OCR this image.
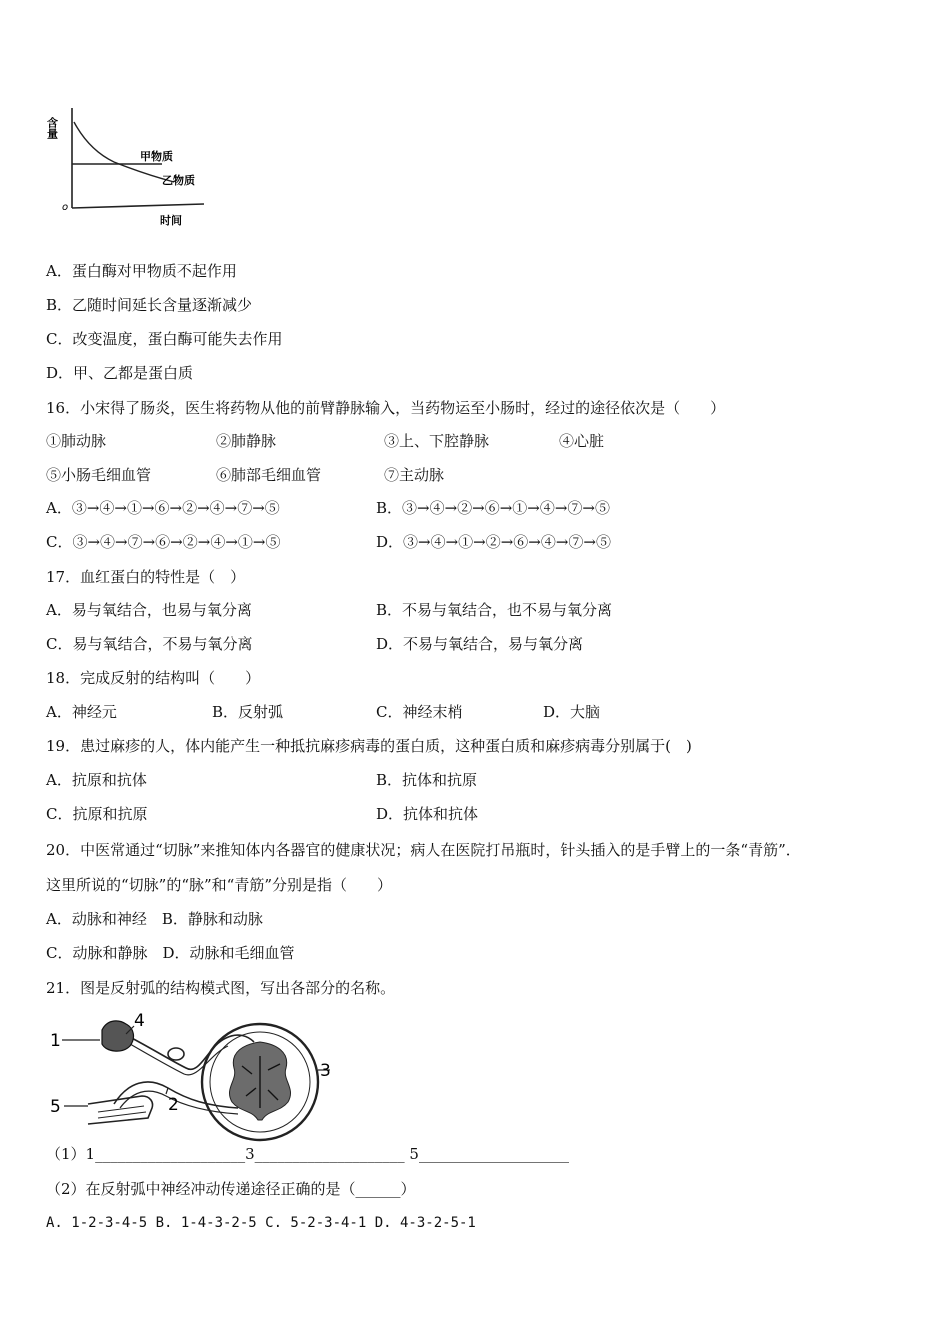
含量
甲物质
乙物质
o
时间
A．蛋白酶对甲物质不起作用
B．乙随时间延长含量逐渐减少
C．改变温度，蛋白酶可能失去作用
D．甲、乙都是蛋白质
16．小宋得了肠炎，医生将药物从他的前臂静脉输入，当药物运至小肠时，经过的途径依次是（　　）
①肺动脉	②肺静脉	③上、下腔静脉	④心脏
⑤小肠毛细血管	⑥肺部毛细血管	⑦主动脉
A．③→④→①→⑥→②→④→⑦→⑤	B．③→④→②→⑥→①→④→⑦→⑤
C．③→④→⑦→⑥→②→④→①→⑤	D．③→④→①→②→⑥→④→⑦→⑤
17．血红蛋白的特性是（　）
A．易与氧结合，也易与氧分离	B．不易与氧结合，也不易与氧分离
C．易与氧结合，不易与氧分离	D．不易与氧结合，易与氧分离
18．完成反射的结构叫（　　）
A．神经元	B．反射弧	C．神经末梢	D．大脑
19．患过麻疹的人，体内能产生一种抵抗麻疹病毒的蛋白质，这种蛋白质和麻疹病毒分别属于(　)
A．抗原和抗体	B．抗体和抗原
C．抗原和抗原	D．抗体和抗体
20．中医常通过“切脉”来推知体内各器官的健康状况；病人在医院打吊瓶时，针头插入的是手臂上的一条“青筋”．
这里所说的“切脉”的“脉”和“青筋”分别是指（　　）
A．动脉和神经　B．静脉和动脉
C．动脉和静脉　D．动脉和毛细血管
21．图是反射弧的结构模式图，写出各部分的名称。
1
4
3
5	2
（1）1____________________3____________________ 5____________________
（2）在反射弧中神经冲动传递途径正确的是（______）
A. 1-2-3-4-5 B. 1-4-3-2-5 C. 5-2-3-4-1 D. 4-3-2-5-1
